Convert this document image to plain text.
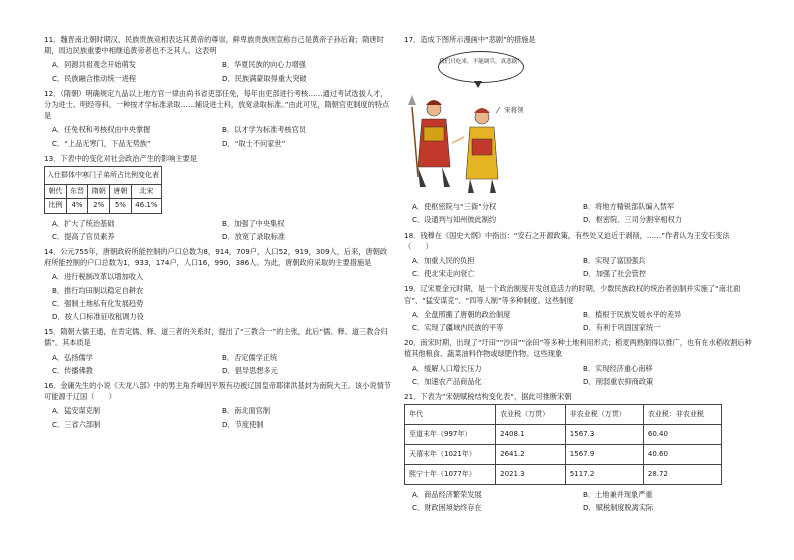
11．魏晋南北朝时期汉、民族贵族竞相表达其黄帝的尊崇，鲜卑族贵族则宣称自己是黄帝子孙后裔；隋唐时期，周边民族重要中相继追黄帝者也不乏其人。这表明

A．同源共祖观念开始萌发	B．华夏民族的向心力增强
C．民族融合推动统一进程	D．民族满蒙取得重大突破

12．（隋朝）明确规定九品以上地方官一律由尚书省吏部任免，每年由吏部进行考核……通过考试选拔人才，分为进士、明经等科，一种按才学标准录取……辅设进士科，放宽录取标准。”由此可见，隋朝官吏制度的特点是

A．任免权和考核权由中央掌握	B．以才学为标准考核官员
C．“上品无寒门，下品无势族”	D．“取士不问家世”

13．下表中的变化对社会政治产生的影响主要是

入仕群体中寒门子弟所占比例变化表				
朝代	东晋	隋朝	唐朝	北宋
比例	4%	2%	5%	46.1%
A．扩大了统治基础	B．加强了中央集权
C．提高了官员素养	D．放宽了录取标准

14．公元755年，唐朝政府所能控制的户口总数为8，914，709户，人口52，919，309人，后来，唐朝政府所能控制的户口总数为1，933，174户，人口16，990，386人。为此，唐朝政府采取的主要措施是

A．进行税制改革以增加收入
B．推行均田制以稳定自耕农
C．强制土地私有化发展趋势
D．按人口标准征收租调力役

15．隋朝大儒王通，在肯定儒、释、道三者的关系时，提出了“三教合一”的主张，此后“儒、释、道三教合归儒”。其本质是

A．弘扬儒学	B．否定儒学正统
C．传播佛教	D．倡导思想多元

16．金庸先生的小说《天龙八部》中的男主角乔峰因平叛有功被辽国皇帝耶律洪基封为南院大王。该小说情节可能源于辽国（　　）

A．猛安谋克制	B．南北面官制
C．三省六部制	D．节度使制

17．造成下图所示漫画中“悲剧”的措施是

我们只吃米，不能调兵，真悲剧！
宋将领
A．使枢密院与“三衙”分权	B．将地方精锐部队编入禁军
C．设通判与知州彼此制约	D．枢密院、三司分割宰相权力

18．钱穆在《国史大纲》中指出：“安石之开源政策，有些处又迫近于剥削，……”作者认为王安石变法（　　）

A．加重人民的负担	B．实现了富国强兵
C．使北宋走向衰亡	D．加强了社会管控

19．辽宋夏金元时期，是一个政治制度开发创造活力的时期，少数民族政权的统治者创制并实施了“南北面官”、“猛安谋克”、“四等人制”等多种制度。这些制度

A．全盘照搬了唐朝的政治制度	B．植根于民族发展水平的差异
C．实现了疆域内民族的平等	D．有利于巩固国家统一

20．南宋时期，出现了“圩田”“沙田”“涂田”等多种土地利用形式；稻麦两熟制得以推广，也有在水稻收割后种植其他粮食、蔬菜油料作物或绿肥作物。这些现象

A．缓解人口增长压力	B．实现经济重心南移
C．加速农产品商品化	D．削弱重农抑商政策

21．下表为“宋朝赋税结构变化表”，据此可推断宋朝

年代	农业税（万贯）	非农业税（万贯）	农业税：非农业税
至道末年（997年）	2408.1	1567.3	60.40
天禧末年（1021年）	2641.2	1567.9	40.60
熙宁十年（1077年）	2021.3	5117.2	28.72
A．商品经济繁荣发展	B．土地兼并现象严重
C．财政困境始终存在	D．赋税制度脱离实际
